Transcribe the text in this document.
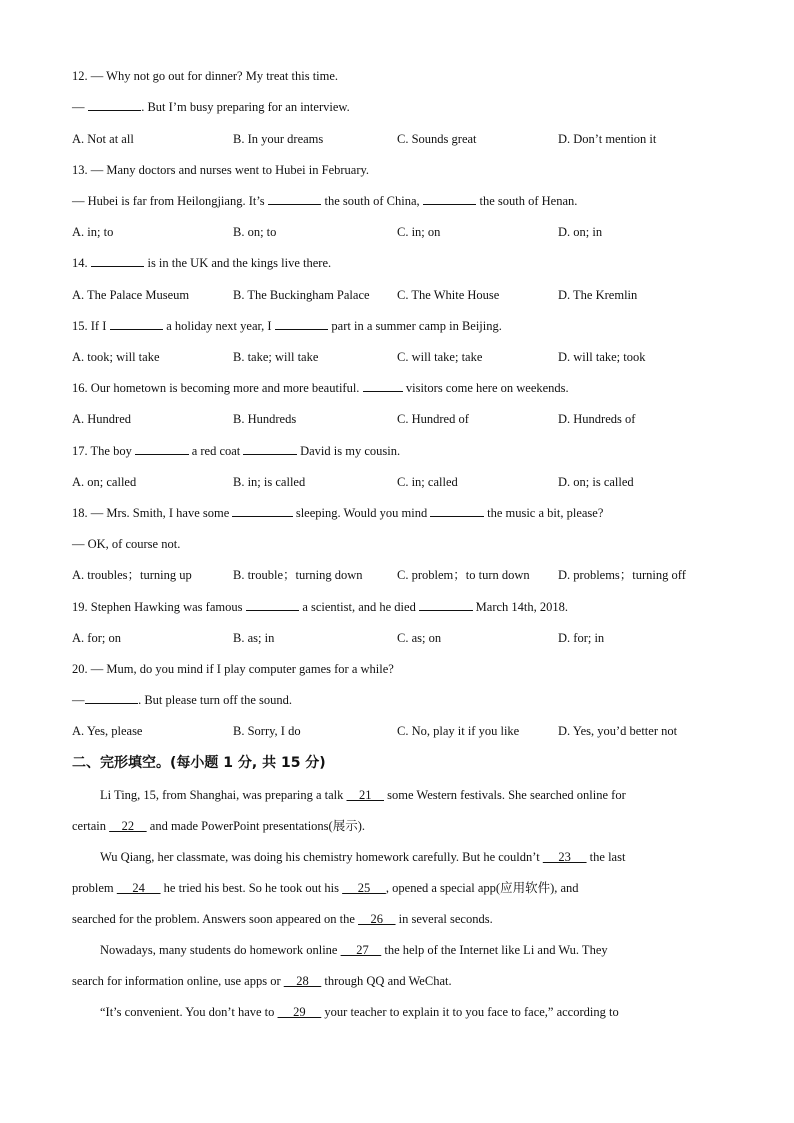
12. — Why not go out for dinner? My treat this time.
—	. But I’m busy preparing for an interview.
A. Not at all	B. In your dreams	C. Sounds great	D. Don’t mention it
13. — Many doctors and nurses went to Hubei in February.
— Hubei is far from Heilongjiang. It’s	the south of China,	the south of Henan.
A. in; to	B. on; to	C. in; on	D. on; in
14.	is in the UK and the kings live there.
A. The Palace Museum	B. The Buckingham Palace C. The White House	D. The Kremlin
15. If I	a holiday next year, I	part in a summer camp in Beijing.
A. took; will take	B. take; will take	C. will take; take	D. will take; took
16. Our hometown is becoming more and more beautiful.	visitors come here on weekends.
A. Hundred	B. Hundreds	C. Hundred of	D. Hundreds of
17. The boy	a red coat	David is my cousin.
A. on; called	B. in; is called	C. in; called	D. on; is called
18. — Mrs. Smith, I have some	sleeping. Would you mind	the music a bit, please?
— OK, of course not.
A. troubles；turning up	B. trouble；turning down	C. problem；to turn down D. problems；turning off
19. Stephen Hawking was famous	a scientist, and he died	March 14th, 2018.
A. for; on	B. as; in	C. as; on	D. for; in
20. — Mum, do you mind if I play computer games for a while?
—	. But please turn off the sound.
A. Yes, please	B. Sorry, I do	C. No, play it if you like	D. Yes, you’d better not
二、完形填空。(每小题 1 分, 共 15 分)
Li Ting, 15, from Shanghai, was preparing a talk     21     some Western festivals. She searched online for
certain     22     and made PowerPoint presentations(展示).
Wu Qiang, her classmate, was doing his chemistry homework carefully. But he couldn’t      23      the last
problem      24      he tried his best. So he took out his      25     , opened a special app(应用软件), and
searched for the problem. Answers soon appeared on the     26     in several seconds.
Nowadays, many students do homework online      27     the help of the Internet like Li and Wu. They
search for information online, use apps or     28     through QQ and WeChat.
“It’s convenient. You don’t have to      29      your teacher to explain it to you face to face,” according to
